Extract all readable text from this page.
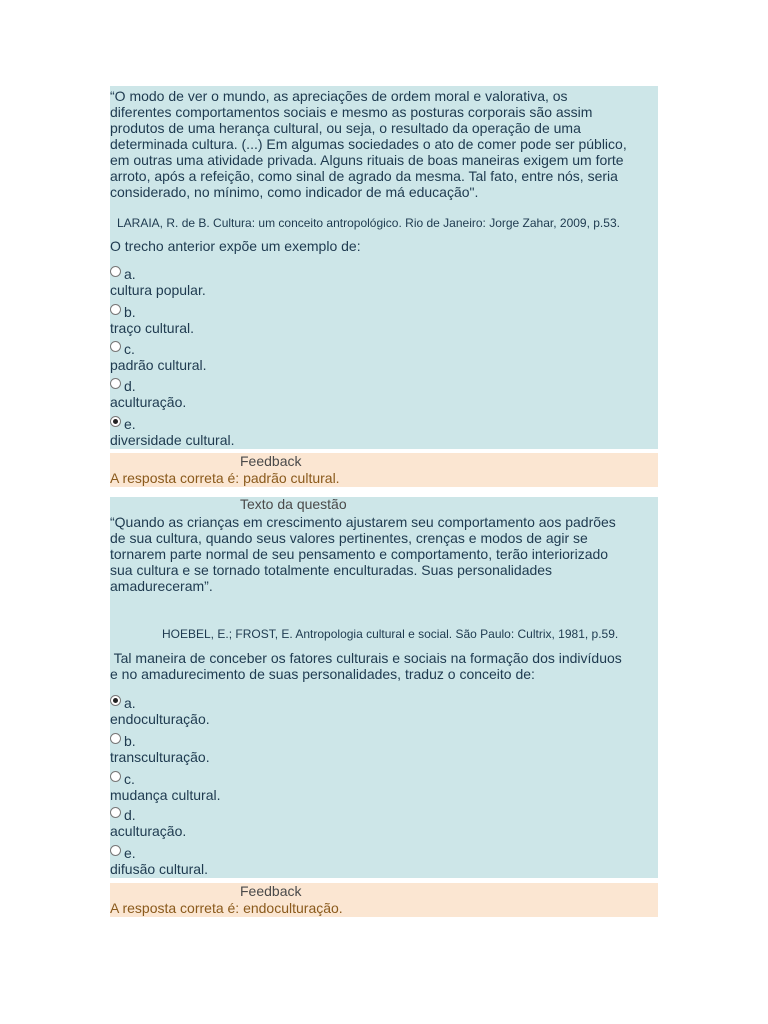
“O modo de ver o mundo, as apreciações de ordem moral e valorativa, os
diferentes comportamentos sociais e mesmo as posturas corporais são assim
produtos de uma herança cultural, ou seja, o resultado da operação de uma
determinada cultura. (...) Em algumas sociedades o ato de comer pode ser público,
em outras uma atividade privada. Alguns rituais de boas maneiras exigem um forte
arroto, após a refeição, como sinal de agrado da mesma. Tal fato, entre nós, seria
considerado, no mínimo, como indicador de má educação".
LARAIA, R. de B. Cultura: um conceito antropológico. Rio de Janeiro: Jorge Zahar, 2009, p.53.
O trecho anterior expõe um exemplo de:
a.
cultura popular.
b.
traço cultural.
c.
padrão cultural.
d.
aculturação.
e.
diversidade cultural.
Feedback
A resposta correta é: padrão cultural.
Texto da questão
“Quando as crianças em crescimento ajustarem seu comportamento aos padrões
de sua cultura, quando seus valores pertinentes, crenças e modos de agir se
tornarem parte normal de seu pensamento e comportamento, terão interiorizado
sua cultura e se tornado totalmente enculturadas. Suas personalidades
amadureceram”.
HOEBEL, E.; FROST, E. Antropologia cultural e social. São Paulo: Cultrix, 1981, p.59.
Tal maneira de conceber os fatores culturais e sociais na formação dos indivíduos
e no amadurecimento de suas personalidades, traduz o conceito de:
a.
endoculturação.
b.
transculturação.
c.
mudança cultural.
d.
aculturação.
e.
difusão cultural.
Feedback
A resposta correta é: endoculturação.
